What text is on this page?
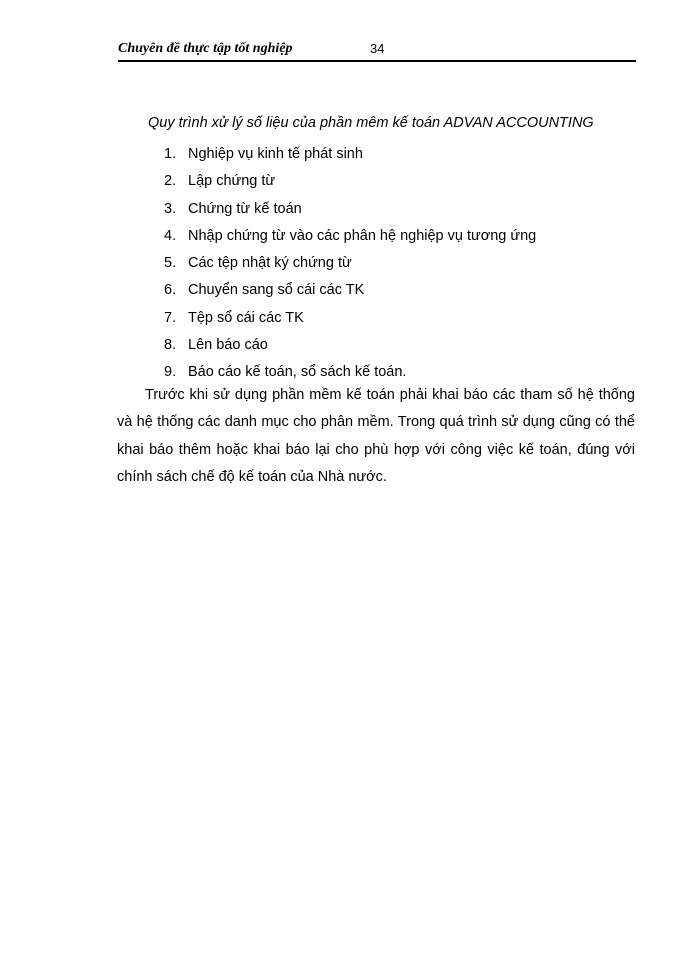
Chuyên đề thực tập tốt nghiệp	34
Quy trình xử lý số liệu của phần mêm kế toán ADVAN ACCOUNTING
1. Nghiệp vụ kinh tế phát sinh
2. Lập chứng từ
3. Chứng từ kế toán
4. Nhập chứng từ vào các phân hệ nghiệp vụ tương ứng
5. Các tệp nhật ký chứng từ
6. Chuyển sang sổ cái các TK
7. Tệp sổ cái các TK
8. Lên báo cáo
9. Báo cáo kế toán, sổ sách kế toán.

Trước khi sử dụng phần mềm kế toán phải khai báo các tham số hệ thống và hệ thống các danh mục cho phân mềm. Trong quá trình sử dụng cũng có thể khai báo thêm hoặc khai báo lại cho phù hợp với công việc kế toán, đúng với chính sách chế độ kế toán của Nhà nước.
